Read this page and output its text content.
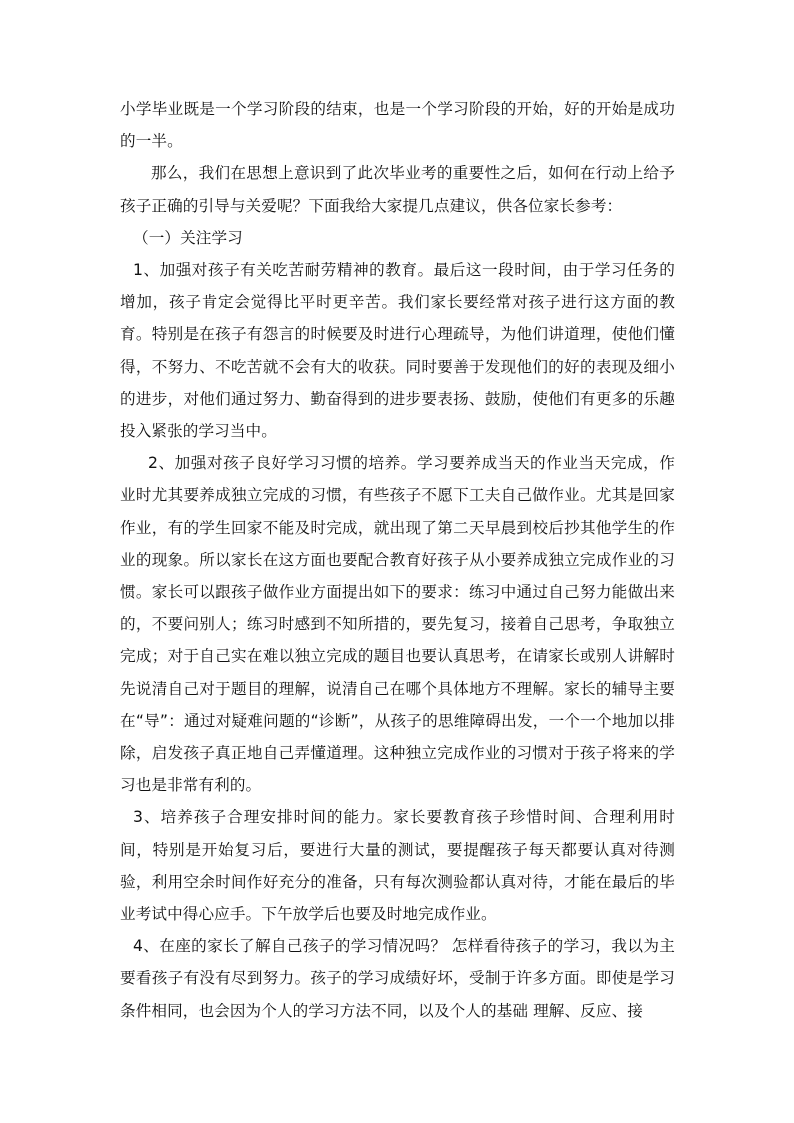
小学毕业既是一个学习阶段的结束，也是一个学习阶段的开始，好的开始是成功的一半。

那么，我们在思想上意识到了此次毕业考的重要性之后，如何在行动上给予孩子正确的引导与关爱呢？下面我给大家提几点建议，供各位家长参考：

（一）关注学习

1、加强对孩子有关吃苦耐劳精神的教育。最后这一段时间，由于学习任务的增加，孩子肯定会觉得比平时更辛苦。我们家长要经常对孩子进行这方面的教育。特别是在孩子有怨言的时候要及时进行心理疏导，为他们讲道理，使他们懂得，不努力、不吃苦就不会有大的收获。同时要善于发现他们的好的表现及细小的进步，对他们通过努力、勤奋得到的进步要表扬、鼓励，使他们有更多的乐趣投入紧张的学习当中。

2、加强对孩子良好学习习惯的培养。学习要养成当天的作业当天完成，作业时尤其要养成独立完成的习惯，有些孩子不愿下工夫自己做作业。尤其是回家作业，有的学生回家不能及时完成，就出现了第二天早晨到校后抄其他学生的作业的现象。所以家长在这方面也要配合教育好孩子从小要养成独立完成作业的习惯。家长可以跟孩子做作业方面提出如下的要求：练习中通过自己努力能做出来的，不要问别人；练习时感到不知所措的，要先复习，接着自己思考，争取独立完成；对于自己实在难以独立完成的题目也要认真思考，在请家长或别人讲解时先说清自己对于题目的理解，说清自己在哪个具体地方不理解。家长的辅导主要在“导”：通过对疑难问题的“诊断”，从孩子的思维障碍出发，一个一个地加以排除，启发孩子真正地自己弄懂道理。这种独立完成作业的习惯对于孩子将来的学习也是非常有利的。

3、培养孩子合理安排时间的能力。家长要教育孩子珍惜时间、合理利用时间，特别是开始复习后，要进行大量的测试，要提醒孩子每天都要认真对待测验，利用空余时间作好充分的准备，只有每次测验都认真对待，才能在最后的毕业考试中得心应手。下午放学后也要及时地完成作业。

4、在座的家长了解自己孩子的学习情况吗？ 怎样看待孩子的学习，我以为主要看孩子有没有尽到努力。孩子的学习成绩好坏，受制于许多方面。即使是学习条件相同，也会因为个人的学习方法不同，以及个人的基础 理解、反应、接
